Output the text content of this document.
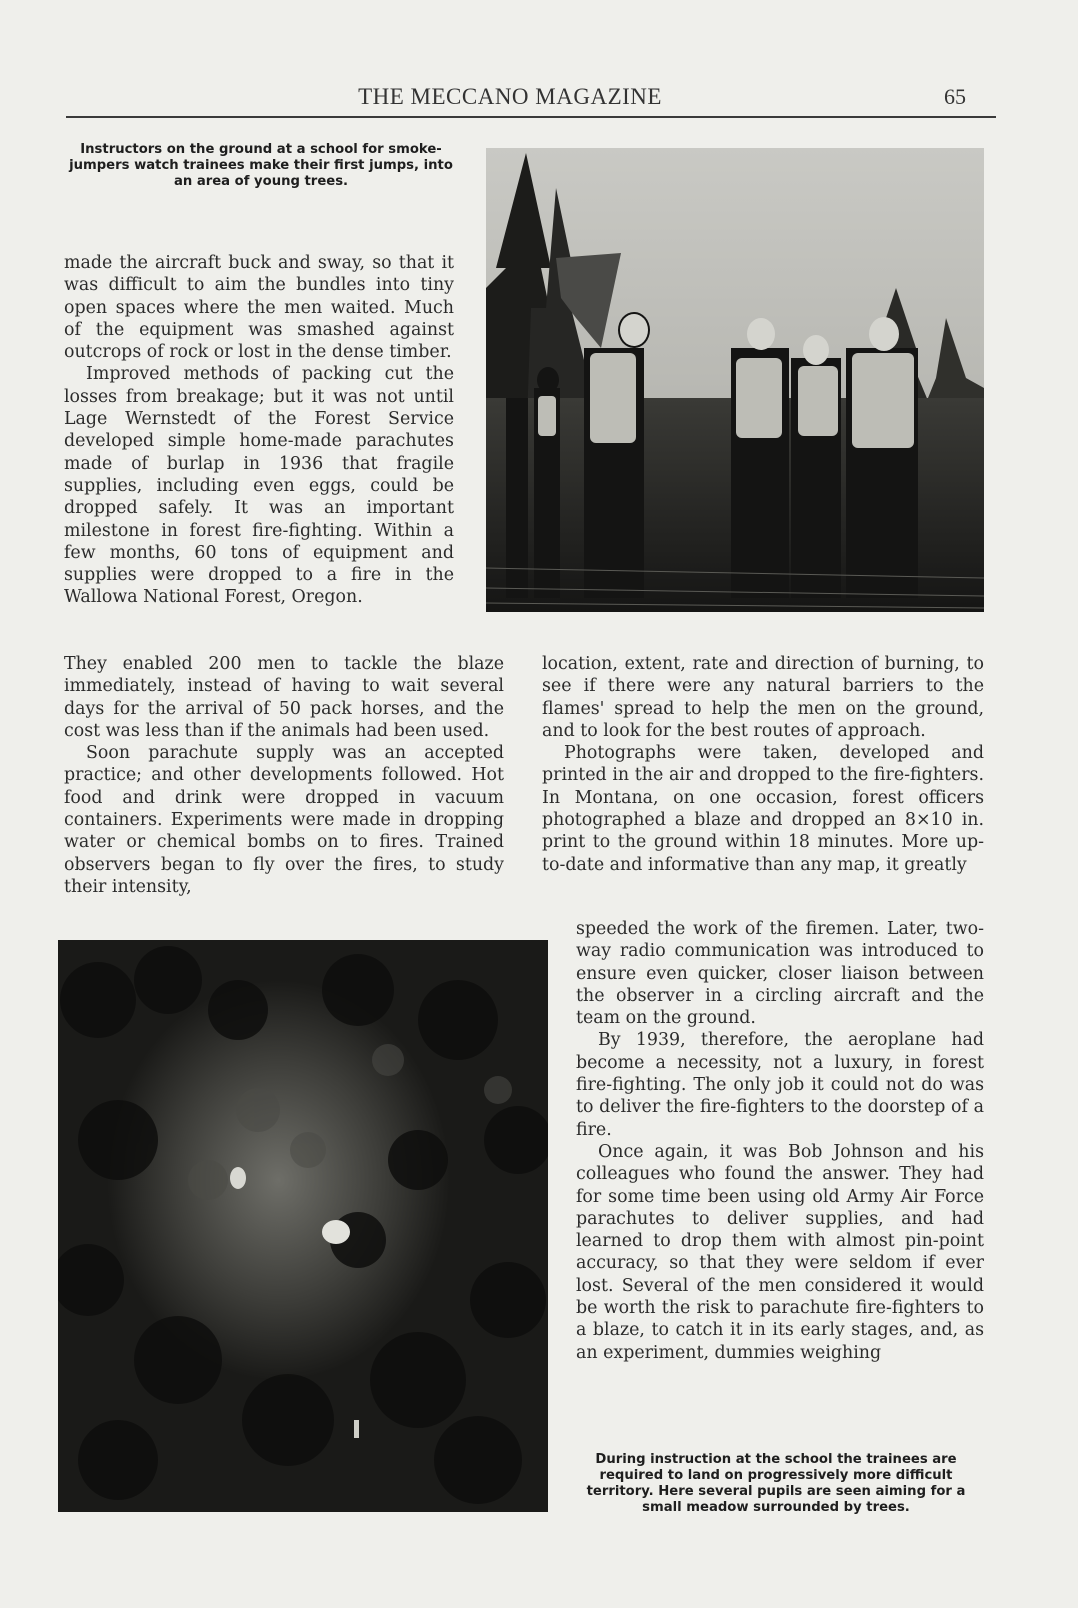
THE MECCANO MAGAZINE	65
Instructors on the ground at a school for smoke-jumpers watch trainees make their first jumps, into an area of young trees.

made the aircraft buck and sway, so that it was difficult to aim the bundles into tiny open spaces where the men waited. Much of the equipment was smashed against outcrops of rock or lost in the dense timber.

Improved methods of packing cut the losses from breakage; but it was not until Lage Wernstedt of the Forest Service developed simple home-made parachutes made of burlap in 1936 that fragile supplies, including even eggs, could be dropped safely. It was an important milestone in forest fire-fighting. Within a few months, 60 tons of equipment and supplies were dropped to a fire in the Wallowa National Forest, Oregon.

They enabled 200 men to tackle the blaze immediately, instead of having to wait several days for the arrival of 50 pack horses, and the cost was less than if the animals had been used.

Soon parachute supply was an accepted practice; and other developments followed. Hot food and drink were dropped in vacuum containers. Experiments were made in dropping water or chemical bombs on to fires. Trained observers began to fly over the fires, to study their intensity,

location, extent, rate and direction of burning, to see if there were any natural barriers to the flames' spread to help the men on the ground, and to look for the best routes of approach.

Photographs were taken, developed and printed in the air and dropped to the fire-fighters. In Montana, on one occasion, forest officers photographed a blaze and dropped an 8×10 in. print to the ground within 18 minutes. More up-to-date and informative than any map, it greatly

speeded the work of the firemen. Later, two-way radio communication was introduced to ensure even quicker, closer liaison between the observer in a circling aircraft and the team on the ground.

By 1939, therefore, the aeroplane had become a necessity, not a luxury, in forest fire-fighting. The only job it could not do was to deliver the fire-fighters to the doorstep of a fire.

Once again, it was Bob Johnson and his colleagues who found the answer. They had for some time been using old Army Air Force parachutes to deliver supplies, and had learned to drop them with almost pin-point accuracy, so that they were seldom if ever lost. Several of the men considered it would be worth the risk to parachute fire-fighters to a blaze, to catch it in its early stages, and, as an experiment, dummies weighing

During instruction at the school the trainees are required to land on progressively more difficult territory. Here several pupils are seen aiming for a small meadow surrounded by trees.
